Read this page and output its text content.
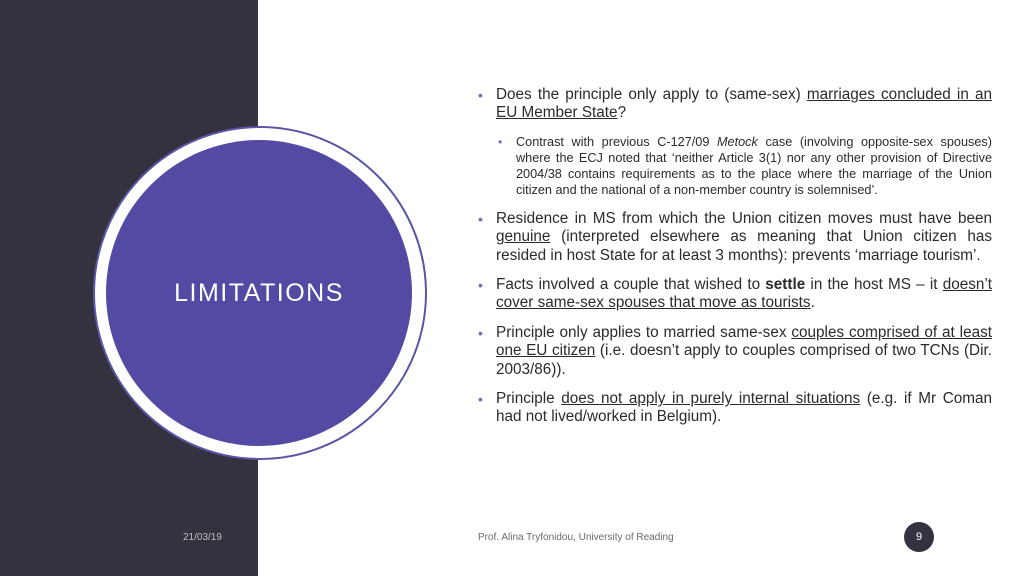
LIMITATIONS
• Does the principle only apply to (same-sex) marriages concluded in an EU Member State?
• Contrast with previous C-127/09 Metock case (involving opposite-sex spouses) where the ECJ noted that ‘neither Article 3(1) nor any other provision of Directive 2004/38 contains requirements as to the place where the marriage of the Union citizen and the national of a non-member country is solemnised’.
• Residence in MS from which the Union citizen moves must have been genuine (interpreted elsewhere as meaning that Union citizen has resided in host State for at least 3 months): prevents ‘marriage tourism’.
• Facts involved a couple that wished to settle in the host MS – it doesn’t cover same-sex spouses that move as tourists.
• Principle only applies to married same-sex couples comprised of at least one EU citizen (i.e. doesn’t apply to couples comprised of two TCNs (Dir. 2003/86)).
• Principle does not apply in purely internal situations (e.g. if Mr Coman had not lived/worked in Belgium).
21/03/19	Prof. Alina Tryfonidou, University of Reading	9
